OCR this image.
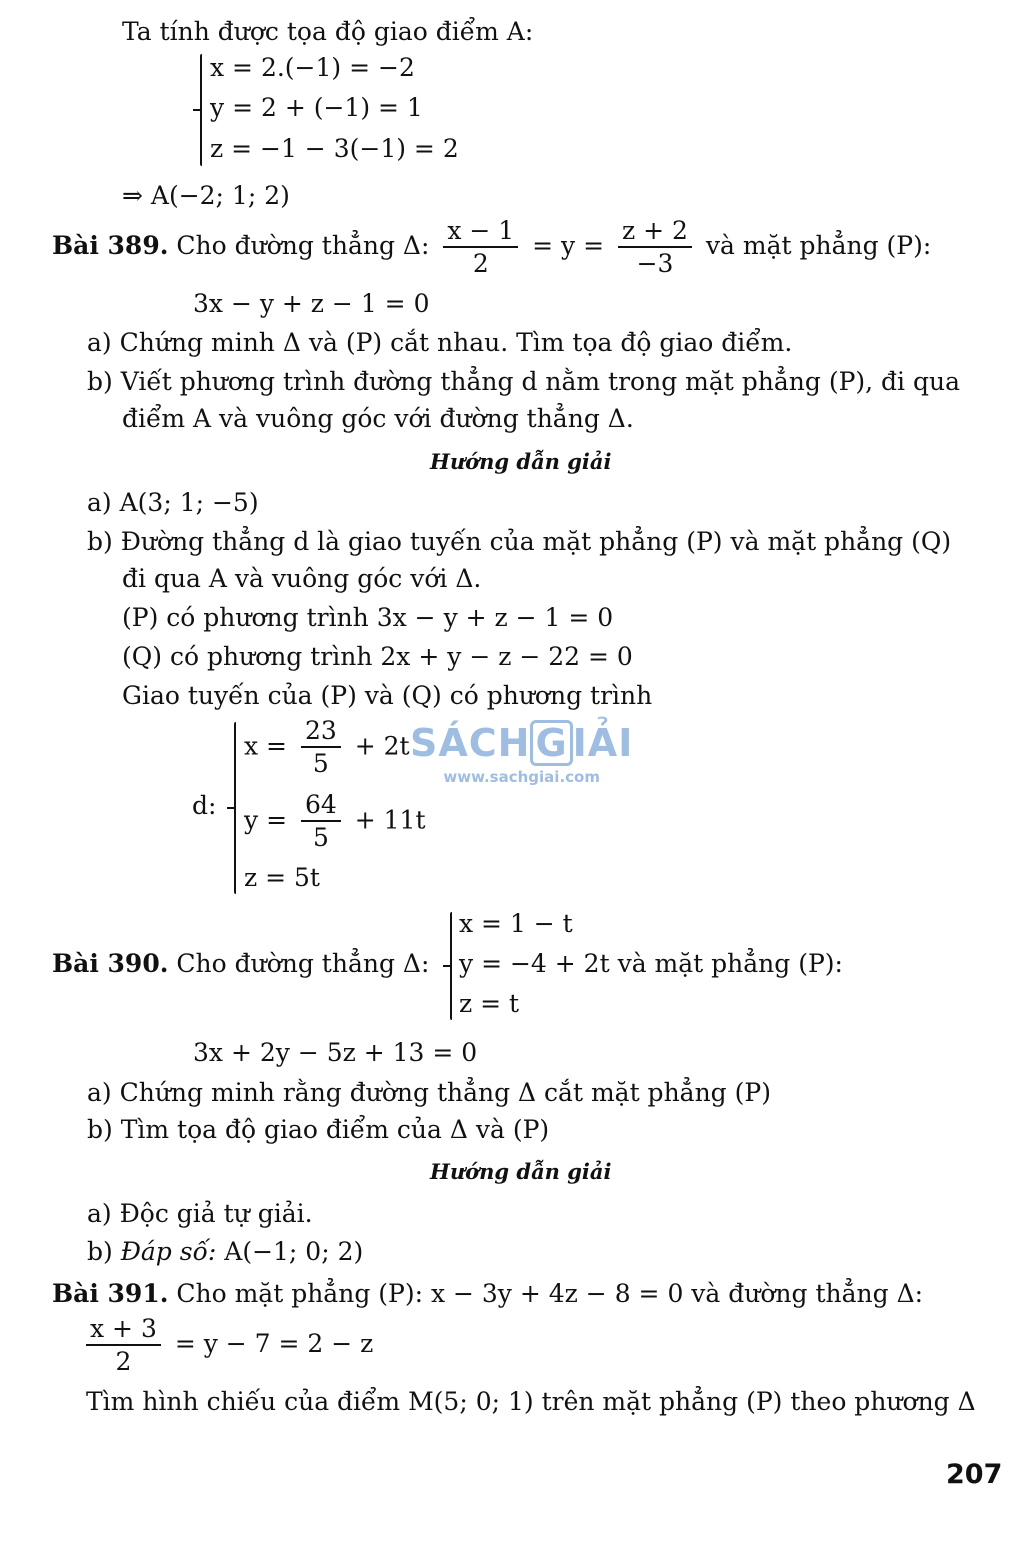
Ta tính được tọa độ giao điểm A:
x = 2.(−1) = −2
y = 2 + (−1) = 1
z = −1 − 3(−1) = 2
⇒ A(−2; 1; 2)
Bài 389. Cho đường thẳng Δ: $\frac{x - 1}{2} = y = \frac{z + 2}{-3}$ và mặt phẳng (P):
3x − y + z − 1 = 0
a) Chứng minh Δ và (P) cắt nhau. Tìm tọa độ giao điểm.
b) Viết phương trình đường thẳng d nằm trong mặt phẳng (P), đi qua
điểm A và vuông góc với đường thẳng Δ.
Hướng dẫn giải
a) A(3; 1; −5)
b) Đường thẳng d là giao tuyến của mặt phẳng (P) và mặt phẳng (Q)
đi qua A và vuông góc với Δ.
(P) có phương trình 3x − y + z − 1 = 0
(Q) có phương trình 2x + y − z − 22 = 0
Giao tuyến của (P) và (Q) có phương trình
d:
$x = \frac{23}{5} + 2t$
$y = \frac{64}{5} + 11t$
z = 5t
SÁCH G IẢI
www.sachgiai.com
x = 1 − t
Bài 390. Cho đường thẳng Δ: y = −4 + 2t và mặt phẳng (P):
z = t
3x + 2y − 5z + 13 = 0
a) Chứng minh rằng đường thẳng Δ cắt mặt phẳng (P)
b) Tìm tọa độ giao điểm của Δ và (P)
Hướng dẫn giải
a) Độc giả tự giải.
b) Đáp số: A(−1; 0; 2)
Bài 391. Cho mặt phẳng (P): x − 3y + 4z − 8 = 0 và đường thẳng Δ:
$\frac{x + 3}{2} = y - 7 = 2 - z$
Tìm hình chiếu của điểm M(5; 0; 1) trên mặt phẳng (P) theo phương Δ
207
